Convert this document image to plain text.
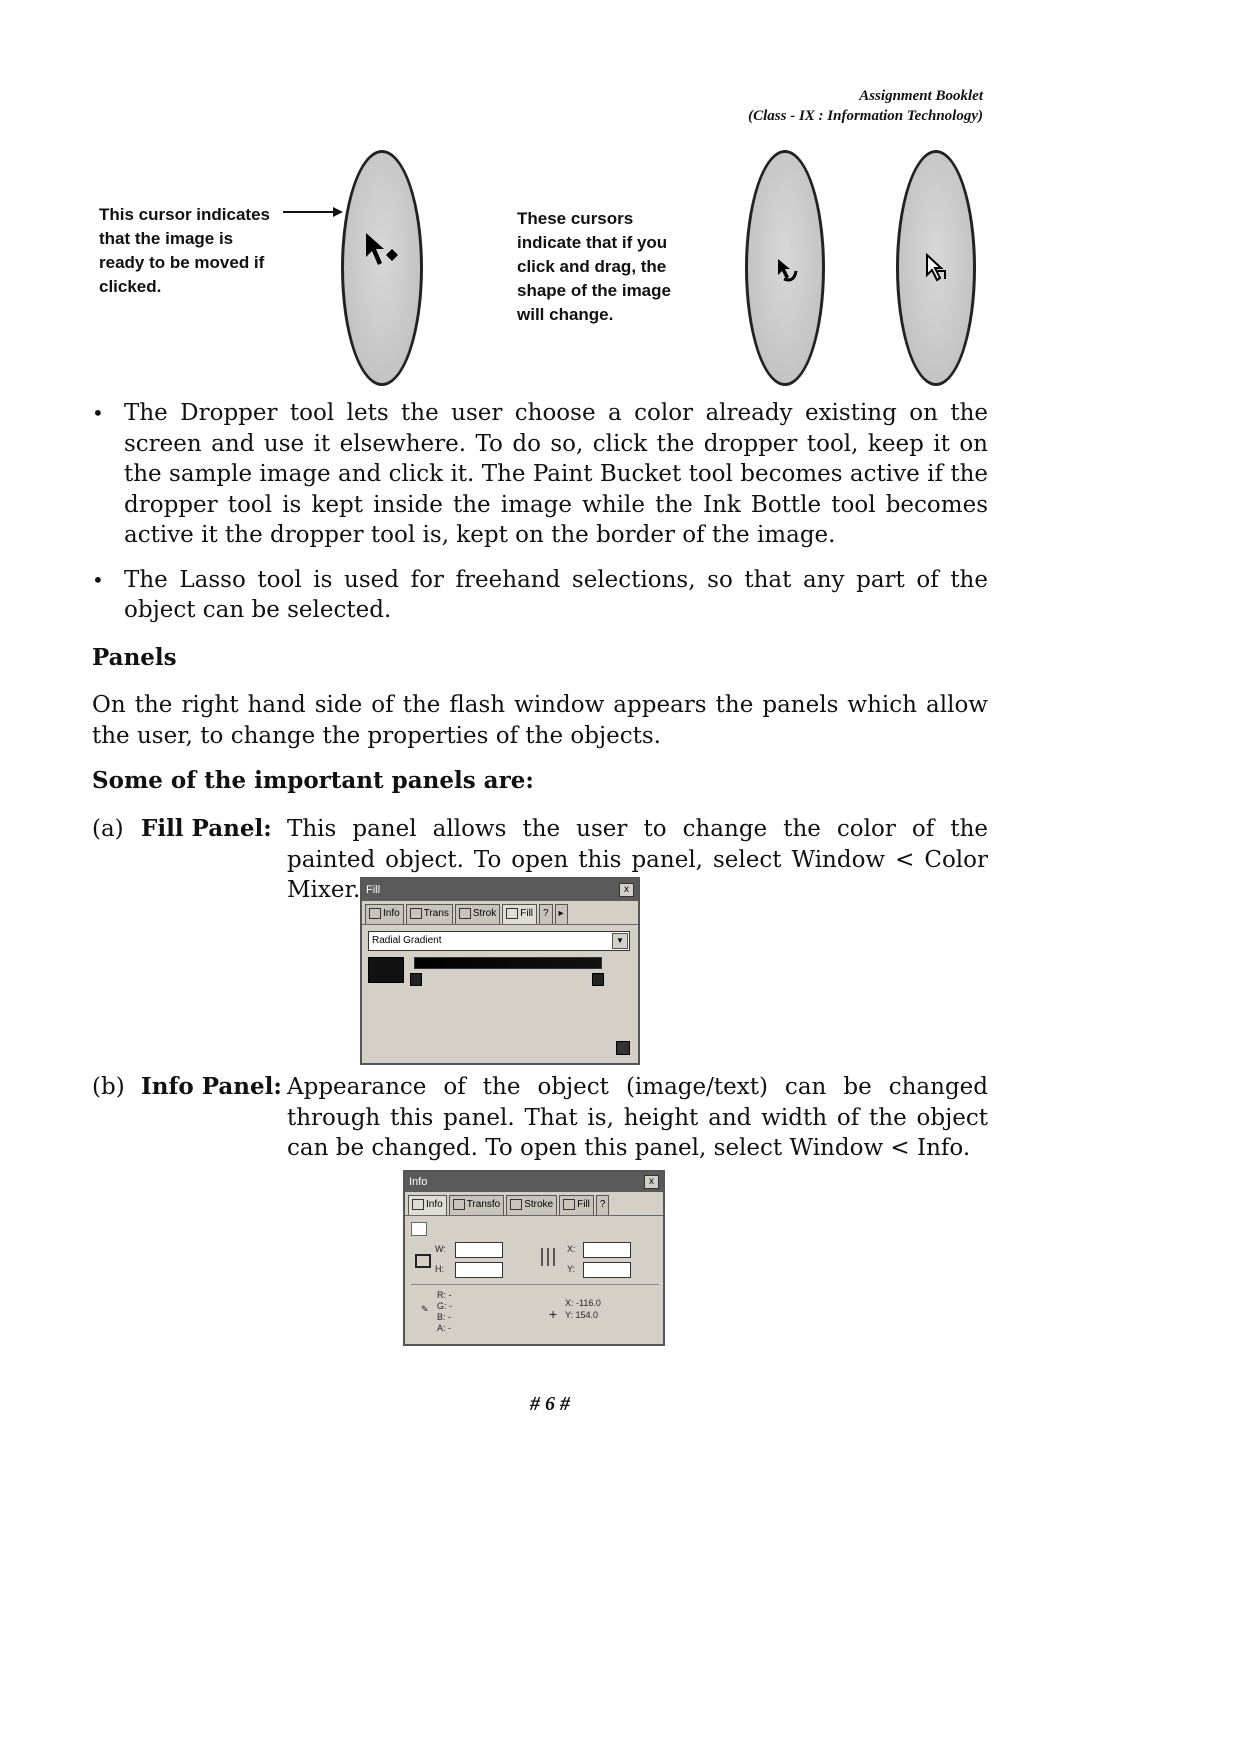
Assignment Booklet
(Class - IX : Information Technology)
This cursor indicates
that the image is
ready to be moved if
clicked.
These cursors
indicate that if you
click and drag, the
shape of the image
will change.
• The Dropper tool lets the user choose a color already existing on the screen and use it elsewhere. To do so, click the dropper tool, keep it on the sample image and click it. The Paint Bucket tool becomes active if the dropper tool is kept inside the image while the Ink Bottle tool becomes active it the dropper tool is, kept on the border of the image.
• The Lasso tool is used for freehand selections, so that any part of the object can be selected.
Panels
On the right hand side of the flash window appears the panels which allow the user, to change the properties of the objects.
Some of the important panels are:
(a) Fill Panel: This panel allows the user to change the color of the painted object. To open this panel, select Window < Color Mixer. Fill	x
Info	Trans	Strok	Fill	?	▸
Radial Gradient	▼
(b) Info Panel: Appearance of the object (image/text) can be changed through this panel. That is, height and width of the object can be changed. To open this panel, select Window < Info.
Info	x
Info	Transfo	Stroke	Fill	?
W:
H:
X:
Y:
✎
R: -
G: -
B: -
A: -
+
X: -116.0
Y: 154.0
# 6 #
